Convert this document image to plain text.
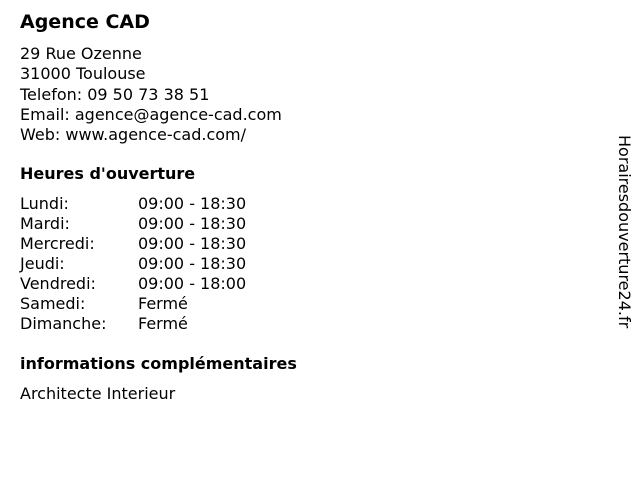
Agence CAD
29 Rue Ozenne
31000 Toulouse
Telefon: 09 50 73 38 51
Email: agence@agence-cad.com
Web: www.agence-cad.com/
Heures d'ouverture
Lundi:	09:00 - 18:30
Mardi:	09:00 - 18:30
Mercredi:	09:00 - 18:30
Jeudi:	09:00 - 18:30
Vendredi:	09:00 - 18:00
Samedi:	Fermé
Dimanche:	Fermé
informations complémentaires
Architecte Interieur
Horairesdouverture24.fr
